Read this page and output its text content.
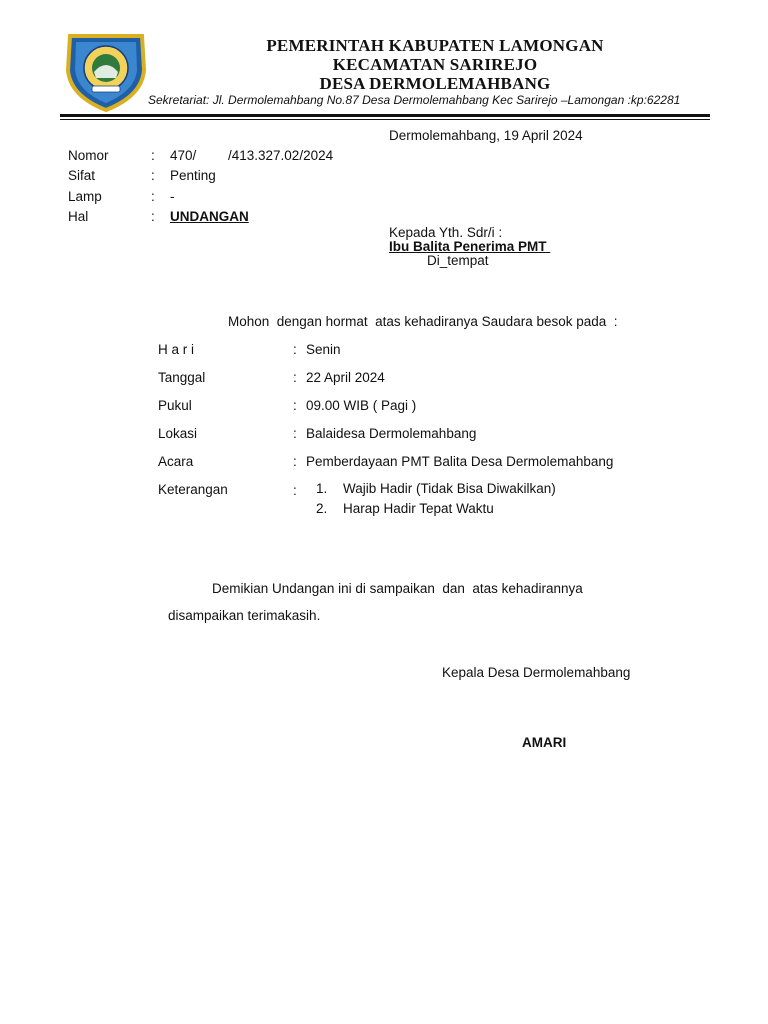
PEMERINTAH KABUPATEN LAMONGAN
KECAMATAN SARIREJO
DESA DERMOLEMAHBANG
Sekretariat: Jl. Dermolemahbang No.87 Desa Dermolemahbang Kec Sarirejo –Lamongan :kp:62281
Dermolemahbang, 19 April 2024
Nomor	: 470/ /413.327.02/2024
Sifat	: Penting
Lamp	: -
Hal	: UNDANGAN
Kepada Yth. Sdr/i :
Ibu Balita Penerima PMT
Di_tempat
Mohon  dengan hormat  atas kehadiranya Saudara besok pada  :
H a r i	: Senin
Tanggal	: 22 April 2024
Pukul	: 09.00 WIB ( Pagi )
Lokasi	: Balaidesa Dermolemahbang
Acara	: Pemberdayaan PMT Balita Desa Dermolemahbang
Keterangan	: 1. Wajib Hadir (Tidak Bisa Diwakilkan)
2. Harap Hadir Tepat Waktu
Demikian Undangan ini di sampaikan  dan  atas kehadirannya
disampaikan terimakasih.
Kepala Desa Dermolemahbang
AMARI
